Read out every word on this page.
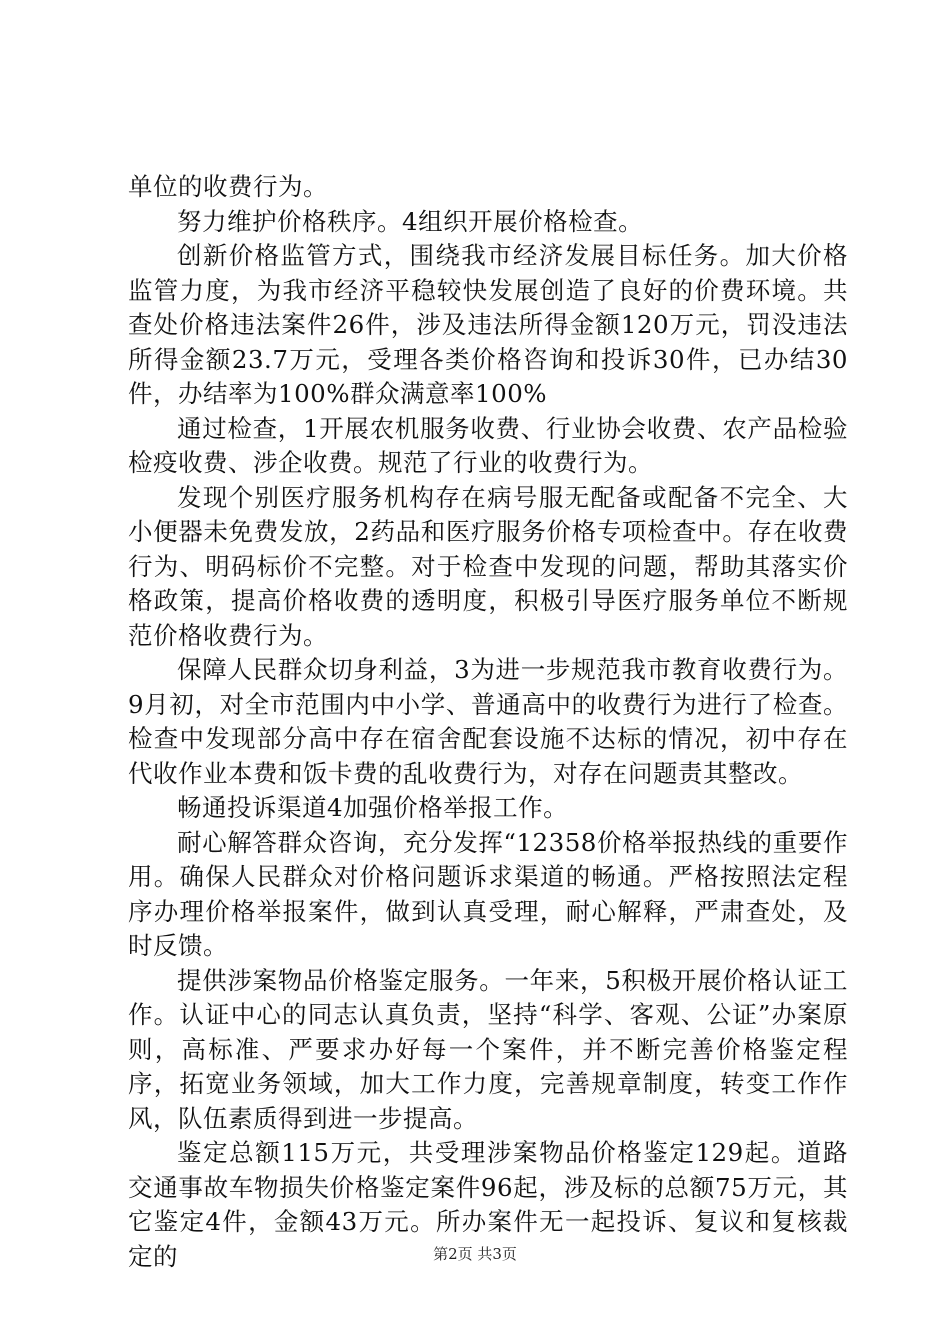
单位的收费行为。

努力维护价格秩序。4组织开展价格检查。

创新价格监管方式，围绕我市经济发展目标任务。加大价格监管力度，为我市经济平稳较快发展创造了良好的价费环境。共查处价格违法案件26件，涉及违法所得金额120万元，罚没违法所得金额23.7万元，受理各类价格咨询和投诉30件，已办结30件，办结率为100%群众满意率100%

通过检查，1开展农机服务收费、行业协会收费、农产品检验检疫收费、涉企收费。规范了行业的收费行为。

发现个别医疗服务机构存在病号服无配备或配备不完全、大小便器未免费发放，2药品和医疗服务价格专项检查中。存在收费行为、明码标价不完整。对于检查中发现的问题，帮助其落实价格政策，提高价格收费的透明度，积极引导医疗服务单位不断规范价格收费行为。

保障人民群众切身利益，3为进一步规范我市教育收费行为。9月初，对全市范围内中小学、普通高中的收费行为进行了检查。检查中发现部分高中存在宿舍配套设施不达标的情况，初中存在代收作业本费和饭卡费的乱收费行为，对存在问题责其整改。

畅通投诉渠道4加强价格举报工作。

耐心解答群众咨询，充分发挥“12358价格举报热线的重要作用。确保人民群众对价格问题诉求渠道的畅通。严格按照法定程序办理价格举报案件，做到认真受理，耐心解释，严肃查处，及时反馈。

提供涉案物品价格鉴定服务。一年来，5积极开展价格认证工作。认证中心的同志认真负责，坚持“科学、客观、公证”办案原则，高标准、严要求办好每一个案件，并不断完善价格鉴定程序，拓宽业务领域，加大工作力度，完善规章制度，转变工作作风，队伍素质得到进一步提高。

鉴定总额115万元，共受理涉案物品价格鉴定129起。道路交通事故车物损失价格鉴定案件96起，涉及标的总额75万元，其它鉴定4件，金额43万元。所办案件无一起投诉、复议和复核裁定的	第2页 共3页
